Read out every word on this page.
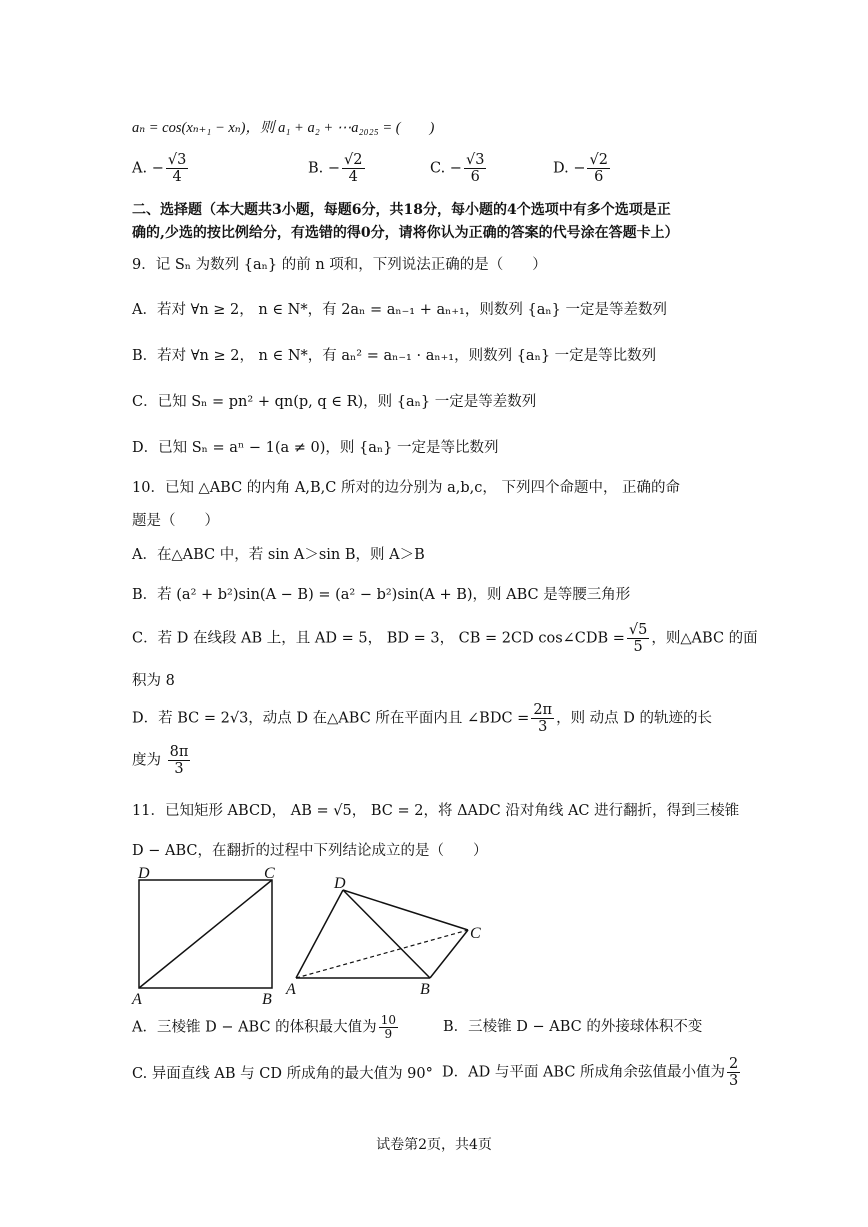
aₙ = cos(xₙ₊₁ − xₙ)，则 a₁ + a₂ + ⋯a₂₀₂₅ = (　　)
A. − $\frac{√3}{4}$	B. − $\frac{√2}{4}$	C. − $\frac{√3}{6}$	D. − $\frac{√2}{6}$
二、选择题（本大题共3小题，每题6分，共18分，每小题的4个选项中有多个选项是正
确的,少选的按比例给分，有选错的得0分，请将你认为正确的答案的代号涂在答题卡上）
9．记 Sₙ 为数列 {aₙ} 的前 n 项和，下列说法正确的是（　　）
A．若对 ∀n ≥ 2， n ∈ N*，有 2aₙ = aₙ₋₁ + aₙ₊₁，则数列 {aₙ} 一定是等差数列
B．若对 ∀n ≥ 2， n ∈ N*，有 aₙ² = aₙ₋₁ · aₙ₊₁，则数列 {aₙ} 一定是等比数列
C．已知 Sₙ = pn² + qn(p, q ∈ R)，则 {aₙ} 一定是等差数列
D．已知 Sₙ = aⁿ − 1(a ≠ 0)，则 {aₙ} 一定是等比数列
10．已知 △ABC 的内角 A,B,C 所对的边分别为 a,b,c， 下列四个命题中， 正确的命
题是（　　）
A．在△ABC 中，若 sin A＞sin B，则 A＞B
B．若 (a² + b²)sin(A − B) = (a² − b²)sin(A + B)，则 ABC 是等腰三角形
C．若 D 在线段 AB 上，且 AD = 5， BD = 3， CB = 2CD cos∠CDB = $\frac{√5}{5}$ ，则△ABC 的面
积为 8
D．若 BC = 2√3，动点 D 在△ABC 所在平面内且 ∠BDC = $\frac{2\pi}{3}$ ，则 动点 D 的轨迹的长
度为 $\frac{8\pi}{3}$
11．已知矩形 ABCD， AB = √5， BC = 2，将 ΔADC 沿对角线 AC 进行翻折，得到三棱锥
D − ABC，在翻折的过程中下列结论成立的是（　　）
D	C
A	B
D
C
A	B
A．三棱锥 D − ABC 的体积最大值为 $\frac{10}{9}$	B．三棱锥 D − ABC 的外接球体积不变
C. 异面直线 AB 与 CD 所成角的最大值为 90° D．AD 与平面 ABC 所成角余弦值最小值为 $\frac{2}{3}$
试卷第2页，共4页
